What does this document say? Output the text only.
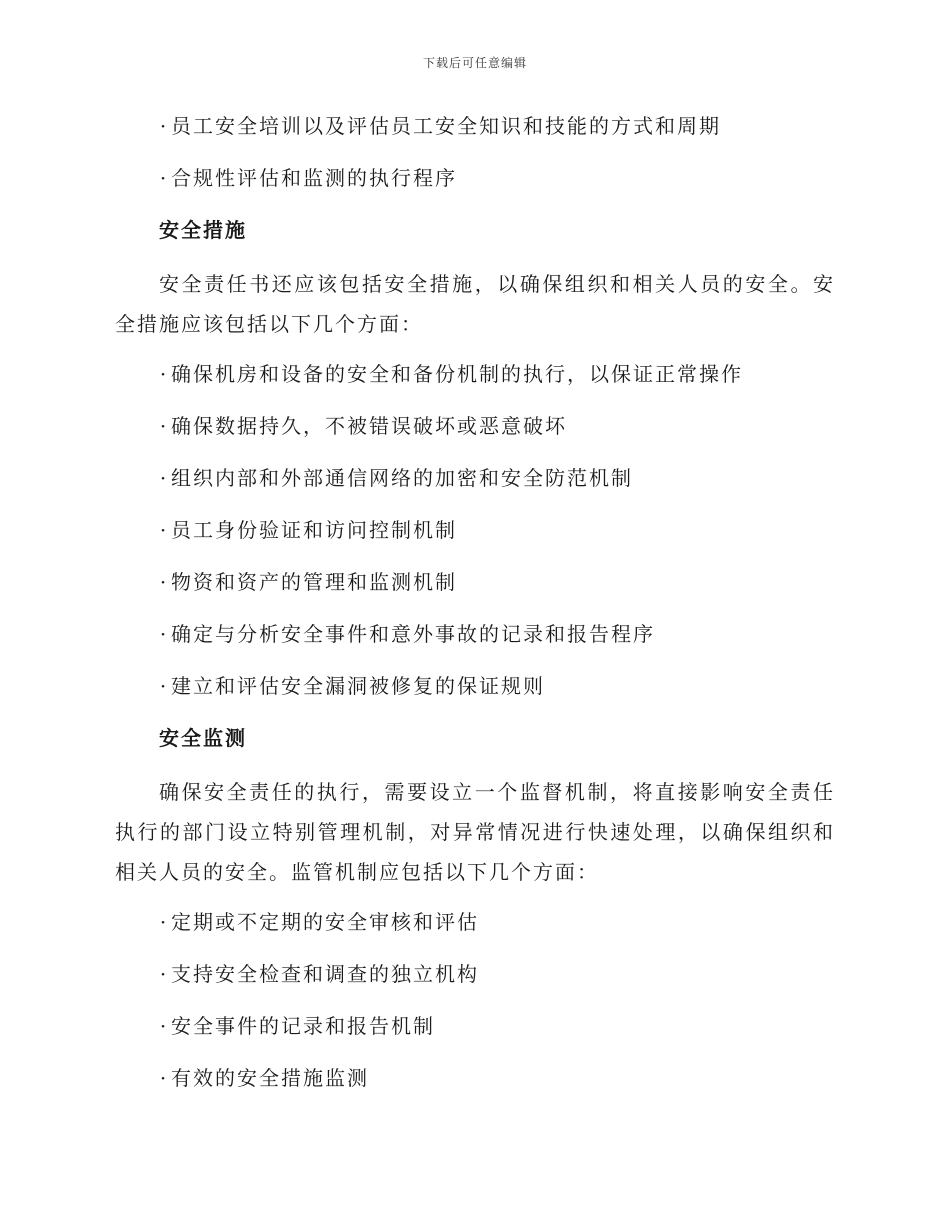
下载后可任意编辑
· 员工安全培训以及评估员工安全知识和技能的方式和周期
· 合规性评估和监测的执行程序
安全措施
安全责任书还应该包括安全措施，以确保组织和相关人员的安全。安全措施应该包括以下几个方面：
· 确保机房和设备的安全和备份机制的执行，以保证正常操作
· 确保数据持久，不被错误破坏或恶意破坏
· 组织内部和外部通信网络的加密和安全防范机制
· 员工身份验证和访问控制机制
· 物资和资产的管理和监测机制
· 确定与分析安全事件和意外事故的记录和报告程序
· 建立和评估安全漏洞被修复的保证规则
安全监测
确保安全责任的执行，需要设立一个监督机制，将直接影响安全责任执行的部门设立特别管理机制，对异常情况进行快速处理，以确保组织和相关人员的安全。监管机制应包括以下几个方面：
· 定期或不定期的安全审核和评估
· 支持安全检查和调查的独立机构
· 安全事件的记录和报告机制
· 有效的安全措施监测
